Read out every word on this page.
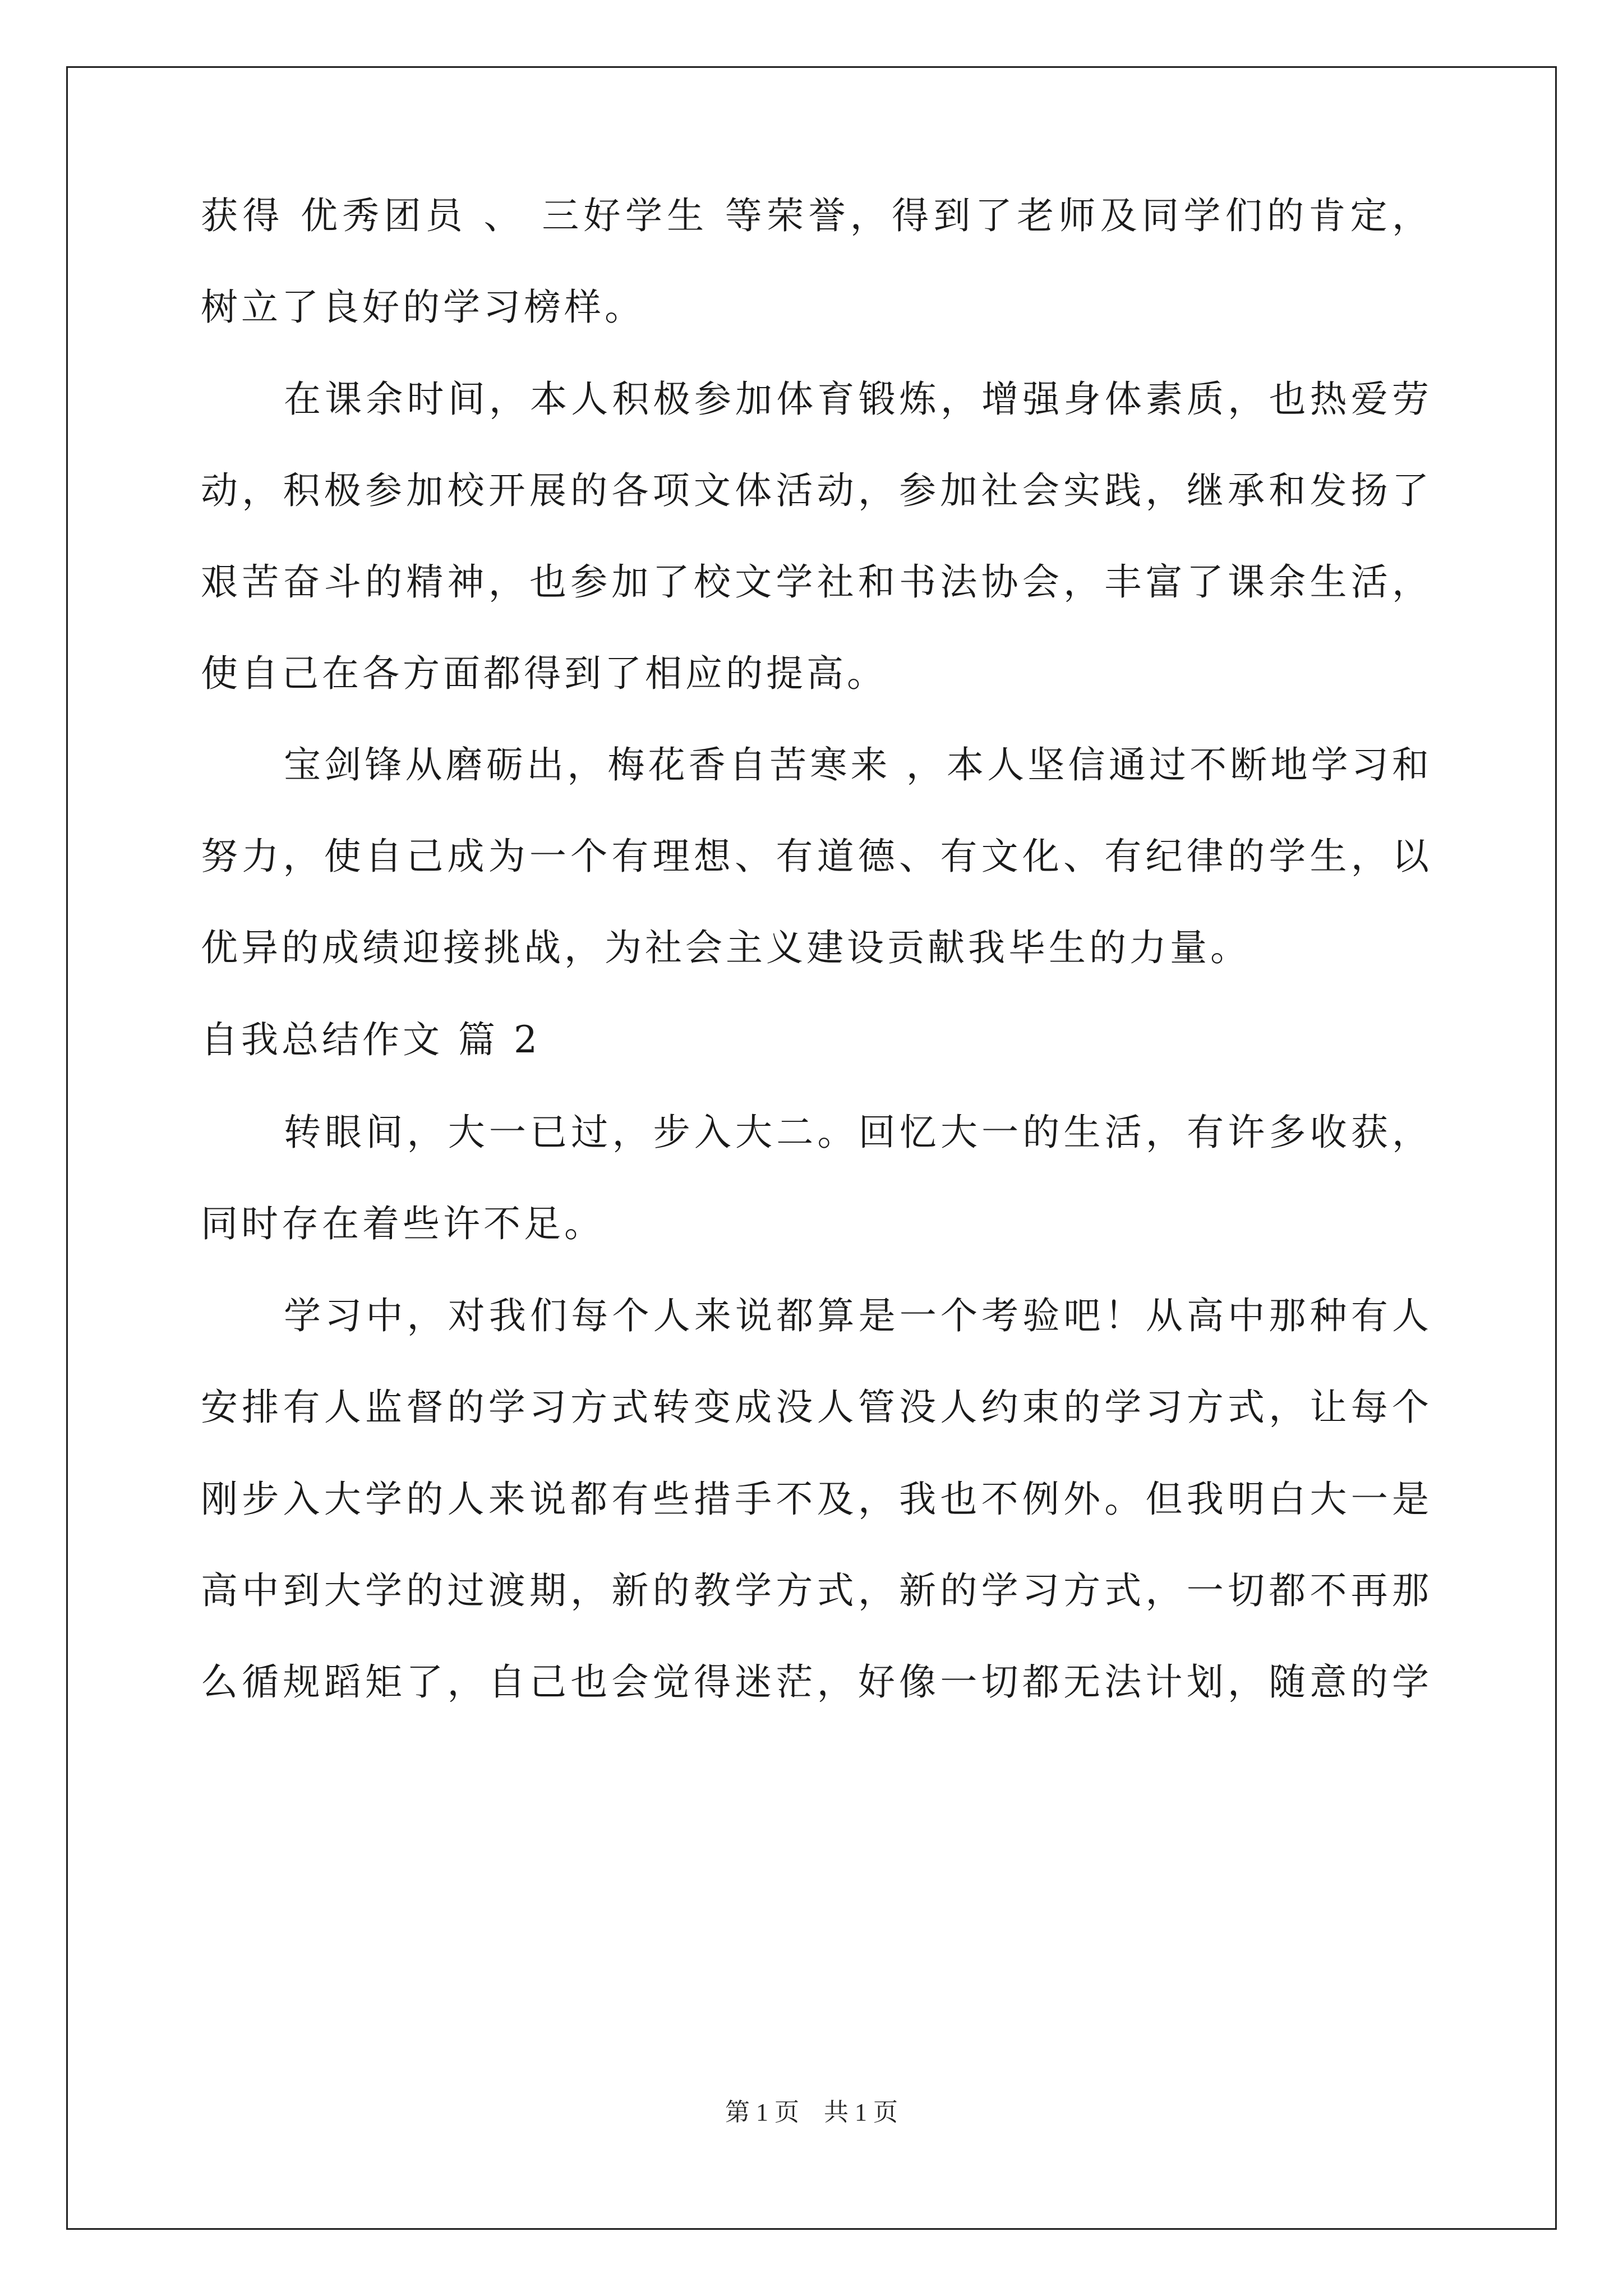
获得 优秀团员 、 三好学生 等荣誉，得到了老师及同学们的肯定，
树立了良好的学习榜样。
在课余时间，本人积极参加体育锻炼，增强身体素质，也热爱劳
动，积极参加校开展的各项文体活动，参加社会实践，继承和发扬了
艰苦奋斗的精神，也参加了校文学社和书法协会，丰富了课余生活，
使自己在各方面都得到了相应的提高。
宝剑锋从磨砺出，梅花香自苦寒来 ，本人坚信通过不断地学习和
努力，使自己成为一个有理想、有道德、有文化、有纪律的学生，以
优异的成绩迎接挑战，为社会主义建设贡献我毕生的力量。
自我总结作文 篇 2
转眼间，大一已过，步入大二。回忆大一的生活，有许多收获，
同时存在着些许不足。
学习中，对我们每个人来说都算是一个考验吧！从高中那种有人
安排有人监督的学习方式转变成没人管没人约束的学习方式，让每个
刚步入大学的人来说都有些措手不及，我也不例外。但我明白大一是
高中到大学的过渡期，新的教学方式，新的学习方式，一切都不再那
么循规蹈矩了，自己也会觉得迷茫，好像一切都无法计划，随意的学
第 1 页 共 1 页
